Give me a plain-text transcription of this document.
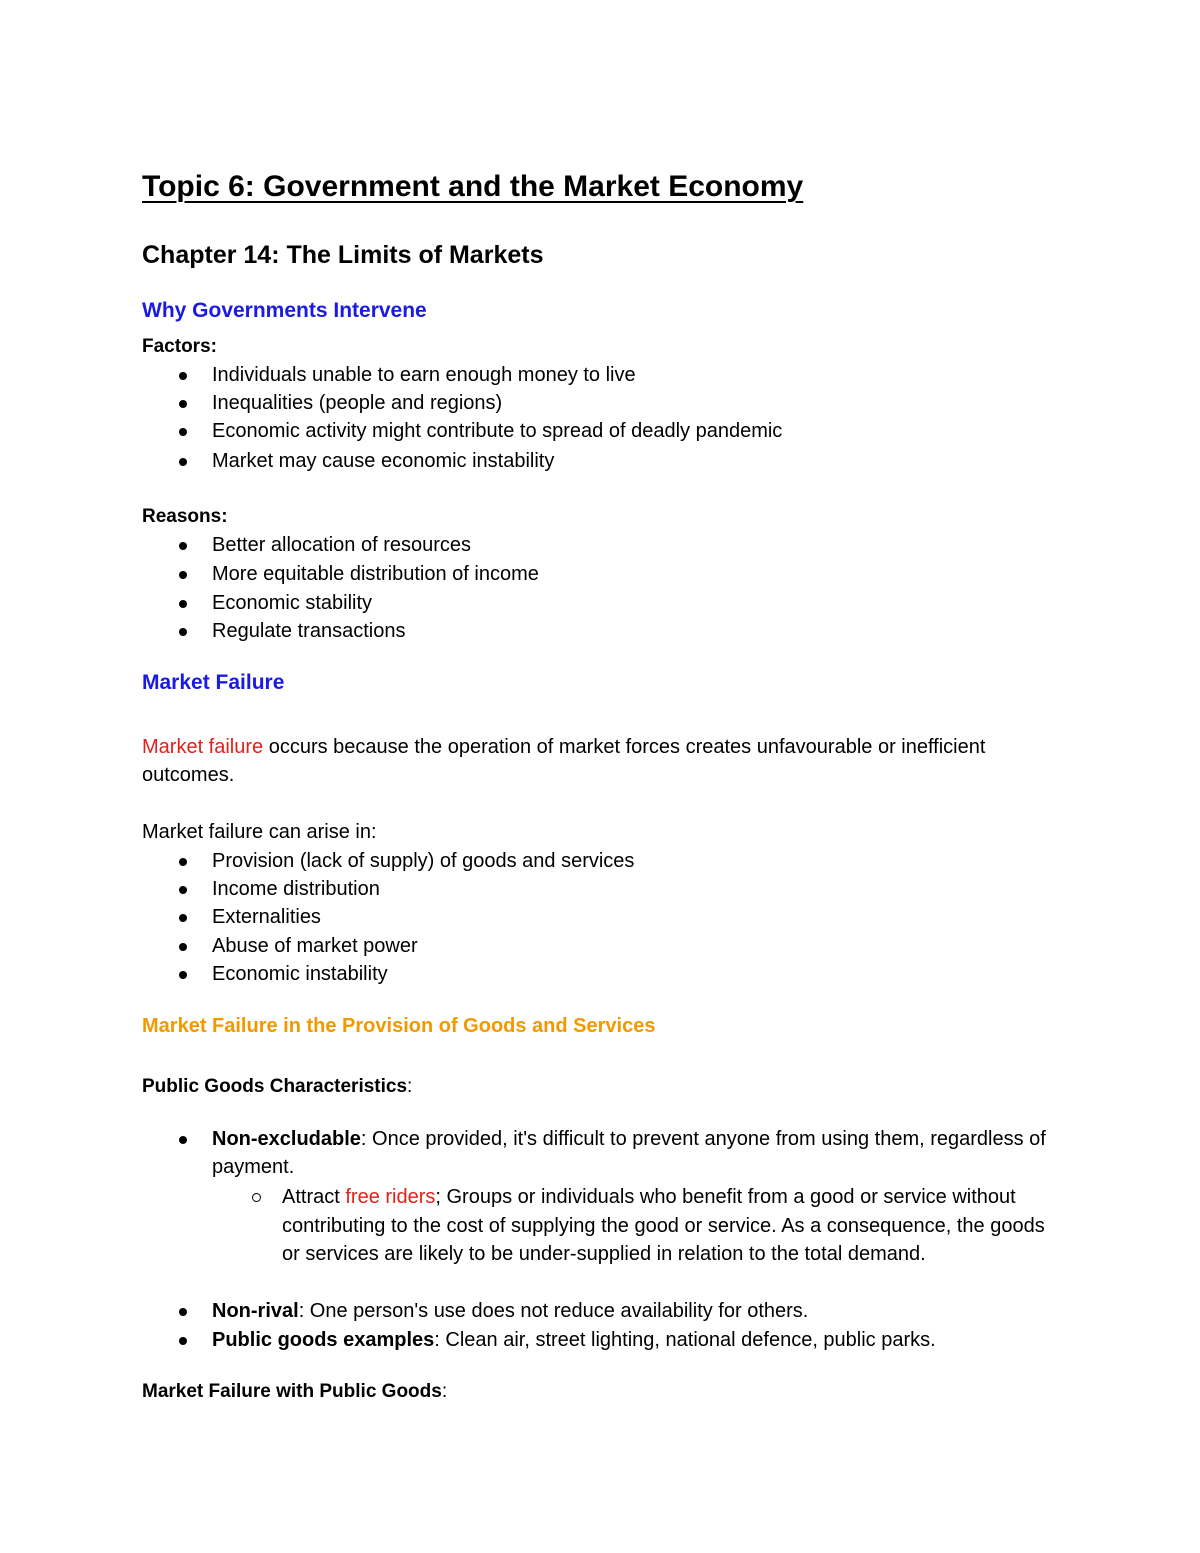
Topic 6: Government and the Market Economy
Chapter 14: The Limits of Markets
Why Governments Intervene
Factors:
Individuals unable to earn enough money to live
Inequalities (people and regions)
Economic activity might contribute to spread of deadly pandemic
Market may cause economic instability
Reasons:
Better allocation of resources
More equitable distribution of income
Economic stability
Regulate transactions
Market Failure

Market failure occurs because the operation of market forces creates unfavourable or inefficient outcomes.

Market failure can arise in:

Provision (lack of supply) of goods and services
Income distribution
Externalities
Abuse of market power
Economic instability
Market Failure in the Provision of Goods and Services
Public Goods Characteristics:
Non-excludable: Once provided, it's difficult to prevent anyone from using them, regardless of payment.
Attract free riders; Groups or individuals who benefit from a good or service without contributing to the cost of supplying the good or service. As a consequence, the goods or services are likely to be under-supplied in relation to the total demand.
Non-rival: One person's use does not reduce availability for others.
Public goods examples: Clean air, street lighting, national defence, public parks.
Market Failure with Public Goods:
